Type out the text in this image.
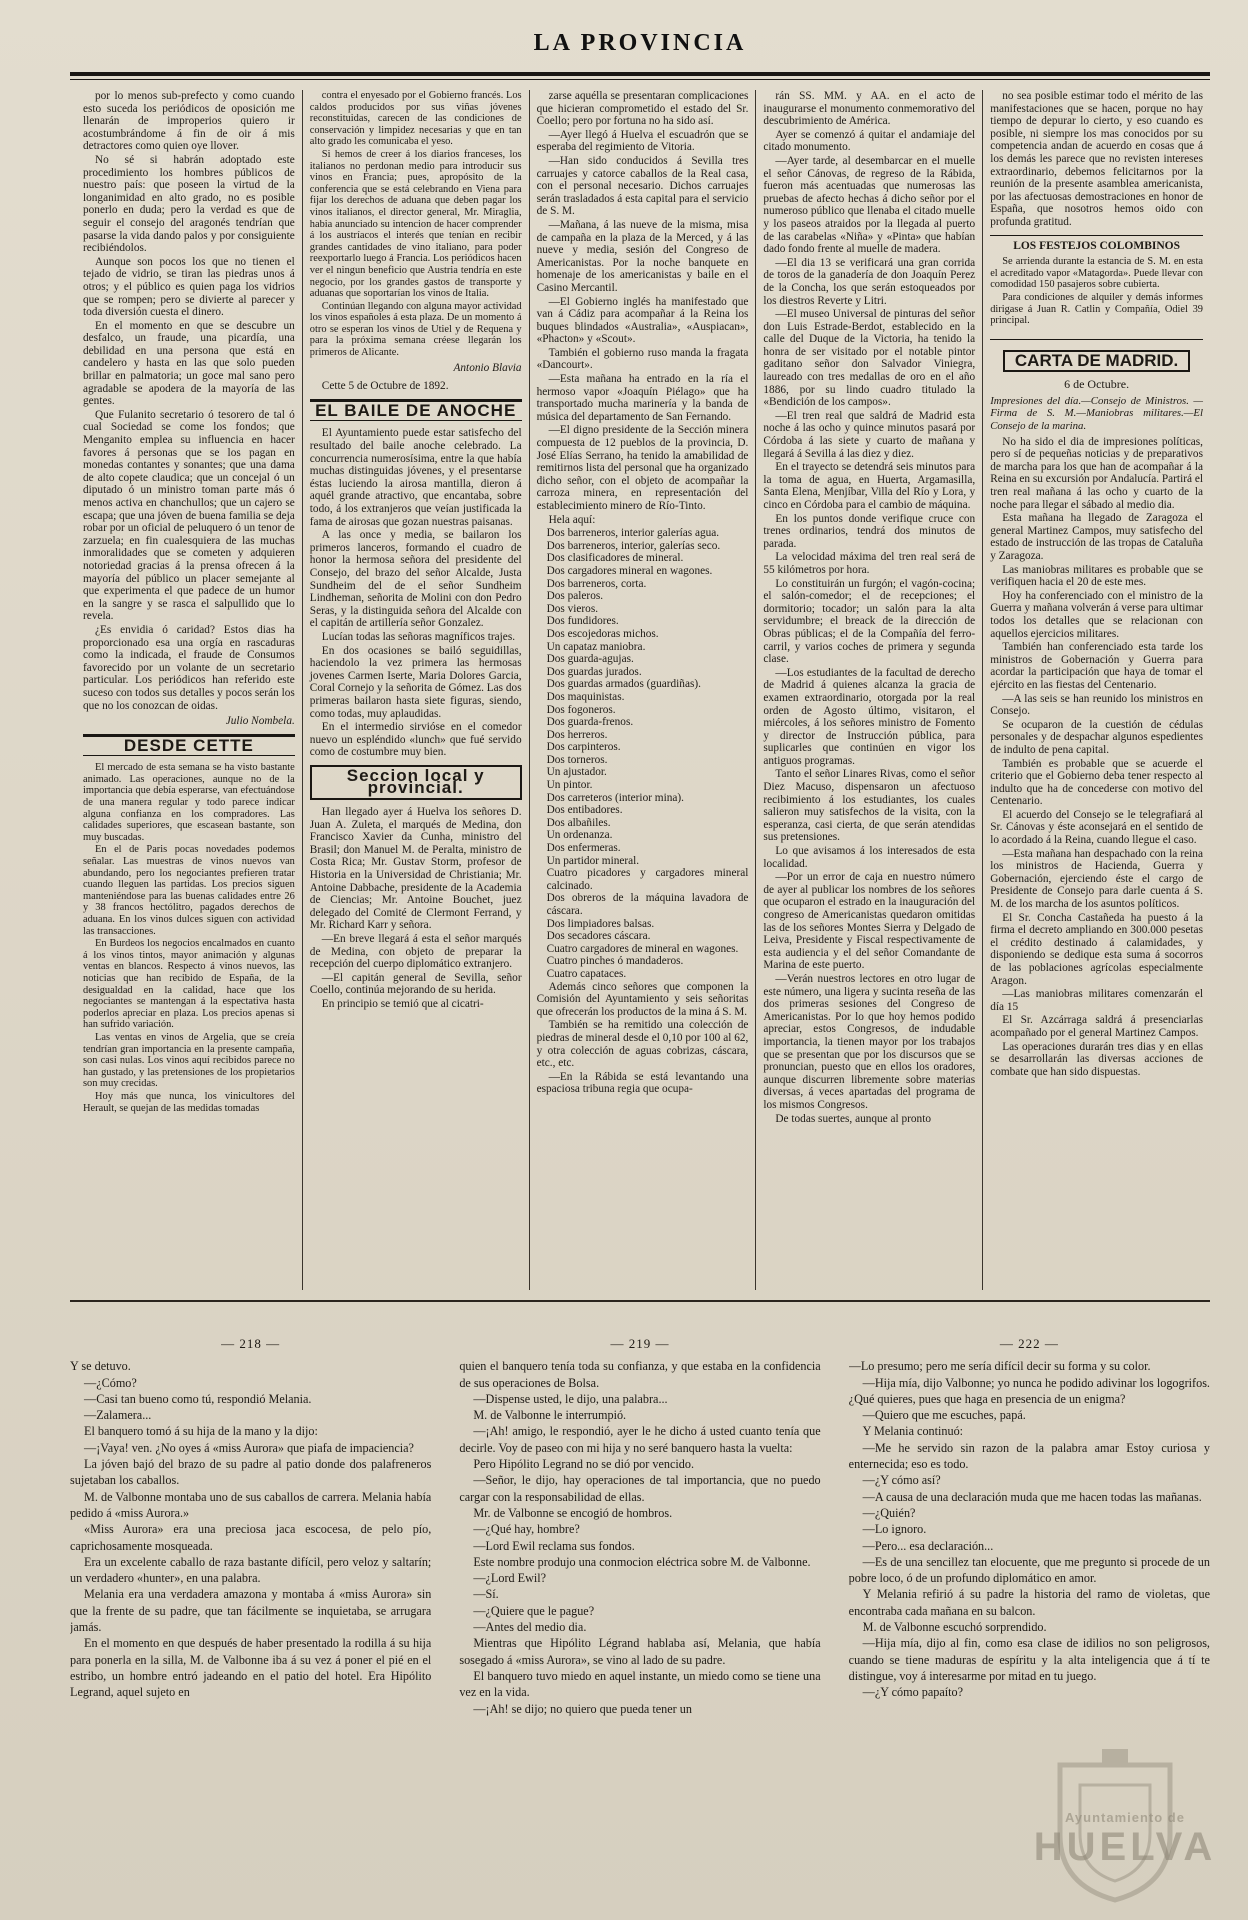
LA PROVINCIA

por lo menos sub-prefecto y como cuando esto suceda los periódicos de oposición me llenarán de improperios quiero ir acostumbrándome á fin de oir á mis detractores como quien oye llover.

No sé si habrán adoptado este procedimiento los hombres públicos de nuestro país: que poseen la virtud de la longanimidad en alto grado, no es posible ponerlo en duda; pero la verdad es que de seguir el consejo del aragonés tendrían que pasarse la vida dando palos y por consiguiente recibiéndolos.

Aunque son pocos los que no tienen el tejado de vidrio, se tiran las piedras unos á otros; y el público es quien paga los vidrios que se rompen; pero se divierte al parecer y toda diversión cuesta el dinero.

En el momento en que se descubre un desfalco, un fraude, una picardía, una debilidad en una persona que está en candelero y hasta en las que solo pueden brillar en palmatoria; un goce mal sano pero agradable se apodera de la mayoría de las gentes.

Que Fulanito secretario ó tesorero de tal ó cual Sociedad se come los fondos; que Menganito emplea su influencia en hacer favores á personas que se los pagan en monedas contantes y sonantes; que una dama de alto copete claudica; que un concejal ó un diputado ó un ministro toman parte más ó menos activa en chanchullos; que un cajero se escapa; que una jóven de buena familia se deja robar por un oficial de peluquero ó un tenor de zarzuela; en fin cualesquiera de las muchas inmoralidades que se cometen y adquieren notoriedad gracias á la prensa ofrecen á la mayoría del público un placer semejante al que experimenta el que padece de un humor en la sangre y se rasca el salpullido que lo revela.

¿Es envidia ó caridad? Estos dias ha proporcionado esa una orgía en rascaduras como la indicada, el fraude de Consumos favorecido por un volante de un secretario particular. Los periódicos han referido este suceso con todos sus detalles y pocos serán los que no los conozcan de oidas.

Julio Nombela.
DESDE CETTE

El mercado de esta semana se ha visto bastante animado. Las operaciones, aunque no de la importancia que debía esperarse, van efectuándose de una manera regular y todo parece indicar alguna confianza en los compradores. Las calidades superiores, que escasean bastante, son muy buscadas.

En el de Paris pocas novedades podemos señalar. Las muestras de vinos nuevos van abundando, pero los negociantes prefieren tratar cuando lleguen las partidas. Los precios siguen manteniéndose para las buenas calidades entre 26 y 38 francos hectólitro, pagados derechos de aduana. En los vinos dulces siguen con actividad las transacciones.

En Burdeos los negocios encalmados en cuanto á los vinos tintos, mayor animación y algunas ventas en blancos. Respecto á vinos nuevos, las noticias que han recibido de España, de la desigualdad en la calidad, hace que los negociantes se mantengan á la espectativa hasta poderlos apreciar en plaza. Los precios apenas si han sufrido variación.

Las ventas en vinos de Argelia, que se creía tendrían gran importancia en la presente campaña, son casi nulas. Los vinos aquí recibidos parece no han gustado, y las pretensiones de los propietarios son muy crecidas.

Hoy más que nunca, los vinicultores del Herault, se quejan de las medidas tomadas

contra el enyesado por el Gobierno francés. Los caldos producidos por sus viñas jóvenes reconstituidas, carecen de las condiciones de conservación y limpidez necesarias y que en tan alto grado les comunicaba el yeso.

Si hemos de creer á los diarios franceses, los italianos no perdonan medio para introducir sus vinos en Francia; pues, apropósito de la conferencia que se está celebrando en Viena para fijar los derechos de aduana que deben pagar los vinos italianos, el director general, Mr. Miraglia, habia anunciado su intencion de hacer comprender á los austríacos el interés que tenían en recibir grandes cantidades de vino italiano, para poder reexportarlo luego á Francia. Los periódicos hacen ver el ningun beneficio que Austria tendría en este negocio, por los grandes gastos de transporte y aduanas que soportarían los vinos de Italia.

Continúan llegando con alguna mayor actividad los vinos españoles á esta plaza. De un momento á otro se esperan los vinos de Utiel y de Requena y para la próxima semana créese llegarán los primeros de Alicante.

Antonio Blavia

Cette 5 de Octubre de 1892.

EL BAILE DE ANOCHE

El Ayuntamiento puede estar satisfecho del resultado del baile anoche celebrado. La concurrencia numerosísima, entre la que había muchas distinguidas jóvenes, y el presentarse éstas luciendo la airosa mantilla, dieron á aquél grande atractivo, que encantaba, sobre todo, á los extranjeros que veían justificada la fama de airosas que gozan nuestras paisanas.

A las once y media, se bailaron los primeros lanceros, formando el cuadro de honor la hermosa señora del presidente del Consejo, del brazo del señor Alcalde, Justa Sundheim del de el señor Sundheim Lindheman, señorita de Molini con don Pedro Seras, y la distinguida señora del Alcalde con el capitán de artillería señor Gonzalez.

Lucían todas las señoras magníficos trajes.

En dos ocasiones se bailó seguidillas, haciendolo la vez primera las hermosas jovenes Carmen Iserte, Maria Dolores Garcia, Coral Cornejo y la señorita de Gómez. Las dos primeras bailaron hasta siete figuras, siendo, como todas, muy aplaudidas.

En el intermedio sirvióse en el comedor nuevo un espléndido «lunch» que fué servido como de costumbre muy bien.

Seccion local y provincial.

Han llegado ayer á Huelva los señores D. Juan A. Zuleta, el marqués de Medina, don Francisco Xavier da Cunha, ministro del Brasil; don Manuel M. de Peralta, ministro de Costa Rica; Mr. Gustav Storm, profesor de Historia en la Universidad de Christiania; Mr. Antoine Dabbache, presidente de la Academia de Ciencias; Mr. Antoine Bouchet, juez delegado del Comité de Clermont Ferrand, y Mr. Richard Karr y señora.

—En breve llegará á esta el señor marqués de Medina, con objeto de preparar la recepción del cuerpo diplomático extranjero.

—El capitán general de Sevilla, señor Coello, continúa mejorando de su herida.

En principio se temió que al cicatri-

zarse aquélla se presentaran complicaciones que hicieran comprometido el estado del Sr. Coello; pero por fortuna no ha sido así.

—Ayer llegó á Huelva el escuadrón que se esperaba del regimiento de Vitoria.

—Han sido conducidos á Sevilla tres carruajes y catorce caballos de la Real casa, con el personal necesario. Dichos carruajes serán trasladados á esta capital para el servicio de S. M.

—Mañana, á las nueve de la misma, misa de campaña en la plaza de la Merced, y á las nueve y media, sesión del Congreso de Americanistas. Por la noche banquete en homenaje de los americanistas y baile en el Casino Mercantil.

—El Gobierno inglés ha manifestado que van á Cádiz para acompañar á la Reina los buques blindados «Australia», «Auspiacan», «Phacton» y «Scout».

También el gobierno ruso manda la fragata «Dancourt».

—Esta mañana ha entrado en la ría el hermoso vapor «Joaquín Piélago» que ha transportado mucha marinería y la banda de música del departamento de San Fernando.

—El digno presidente de la Sección minera compuesta de 12 pueblos de la provincia, D. José Elías Serrano, ha tenido la amabilidad de remitirnos lista del personal que ha organizado dicho señor, con el objeto de acompañar la carroza minera, en representación del establecimiento minero de Río-Tinto.

Hela aquí:

Dos barreneros, interior galerías agua.

Dos barreneros, interior, galerías seco.

Dos clasificadores de mineral.

Dos cargadores mineral en wagones.

Dos barreneros, corta.

Dos paleros.

Dos vieros.

Dos fundidores.

Dos escojedoras michos.

Un capataz maniobra.

Dos guarda-agujas.

Dos guardas jurados.

Dos guardas armados (guardiñas).

Dos maquinistas.

Dos fogoneros.

Dos guarda-frenos.

Dos herreros.

Dos carpinteros.

Dos torneros.

Un ajustador.

Un pintor.

Dos carreteros (interior mina).

Dos entibadores.

Dos albañiles.

Un ordenanza.

Dos enfermeras.

Un partidor mineral.

Cuatro picadores y cargadores mineral calcinado.

Dos obreros de la máquina lavadora de cáscara.

Dos limpiadores balsas.

Dos secadores cáscara.

Cuatro cargadores de mineral en wagones.

Cuatro pinches ó mandaderos.

Cuatro capataces.

Además cinco señores que componen la Comisión del Ayuntamiento y seis señoritas que ofrecerán los productos de la mina á S. M.

También se ha remitido una colección de piedras de mineral desde el 0,10 por 100 al 62, y otra colección de aguas cobrizas, cáscara, etc., etc.

—En la Rábida se está levantando una espaciosa tribuna regia que ocupa-

rán SS. MM. y AA. en el acto de inaugurarse el monumento conmemorativo del descubrimiento de América.

Ayer se comenzó á quitar el andamiaje del citado monumento.

—Ayer tarde, al desembarcar en el muelle el señor Cánovas, de regreso de la Rábida, fueron más acentuadas que numerosas las pruebas de afecto hechas á dicho señor por el numeroso público que llenaba el citado muelle y los paseos atraidos por la llegada al puerto de las carabelas «Niña» y «Pinta» que habían dado fondo frente al muelle de madera.

—El dia 13 se verificará una gran corrida de toros de la ganadería de don Joaquín Perez de la Concha, los que serán estoqueados por los diestros Reverte y Litri.

—El museo Universal de pinturas del señor don Luis Estrade-Berdot, establecido en la calle del Duque de la Victoria, ha tenido la honra de ser visitado por el notable pintor gaditano señor don Salvador Viniegra, laureado con tres medallas de oro en el año 1886, por su lindo cuadro titulado la «Bendición de los campos».

—El tren real que saldrá de Madrid esta noche á las ocho y quince minutos pasará por Córdoba á las siete y cuarto de mañana y llegará á Sevilla á las diez y diez.

En el trayecto se detendrá seis minutos para la toma de agua, en Huerta, Argamasilla, Santa Elena, Menjíbar, Villa del Río y Lora, y cinco en Córdoba para el cambio de máquina.

En los puntos donde verifique cruce con trenes ordinarios, tendrá dos minutos de parada.

La velocidad máxima del tren real será de 55 kilómetros por hora.

Lo constituirán un furgón; el vagón-cocina; el salón-comedor; el de recepciones; el dormitorio; tocador; un salón para la alta servidumbre; el breack de la dirección de Obras públicas; el de la Compañía del ferro-carril, y varios coches de primera y segunda clase.

—Los estudiantes de la facultad de derecho de Madrid á quienes alcanza la gracia de examen extraordinario, otorgada por la real orden de Agosto último, visitaron, el miércoles, á los señores ministro de Fomento y director de Instrucción pública, para suplicarles que continúen en vigor los antiguos programas.

Tanto el señor Linares Rivas, como el señor Diez Macuso, dispensaron un afectuoso recibimiento á los estudiantes, los cuales salieron muy satisfechos de la visita, con la esperanza, casi cierta, de que serán atendidas sus pretensiones.

Lo que avisamos á los interesados de esta localidad.

—Por un error de caja en nuestro número de ayer al publicar los nombres de los señores que ocuparon el estrado en la inauguración del congreso de Americanistas quedaron omitidas las de los señores Montes Sierra y Delgado de Leiva, Presidente y Fiscal respectivamente de esta audiencia y el del señor Comandante de Marina de este puerto.

—Verán nuestros lectores en otro lugar de este número, una ligera y sucinta reseña de las dos primeras sesiones del Congreso de Americanistas. Por lo que hoy hemos podido apreciar, estos Congresos, de indudable importancia, la tienen mayor por los trabajos que se presentan que por los discursos que se pronuncian, puesto que en ellos los oradores, aunque discurren libremente sobre materias diversas, á veces apartadas del programa de los mismos Congresos.

De todas suertes, aunque al pronto

no sea posible estimar todo el mérito de las manifestaciones que se hacen, porque no hay tiempo de depurar lo cierto, y eso cuando es posible, ni siempre los mas conocidos por su competencia andan de acuerdo en cosas que á los demás les parece que no revisten intereses extraordinario, debemos felicitarnos por la reunión de la presente asamblea americanista, por las afectuosas demostraciones en honor de España, que nosotros hemos oido con profunda gratitud.

LOS FESTEJOS COLOMBINOS

Se arrienda durante la estancia de S. M. en esta el acreditado vapor «Matagorda». Puede llevar con comodidad 150 pasajeros sobre cubierta.

Para condiciones de alquiler y demás informes dirigase á Juan R. Catlin y Compañía, Odiel 39 principal.

CARTA DE MADRID.
6 de Octubre.
Impresiones del día.—Consejo de Ministros. —Firma de S. M.—Maniobras militares.—El Consejo de la marina.

No ha sido el dia de impresiones políticas, pero sí de pequeñas noticias y de preparativos de marcha para los que han de acompañar á la Reina en su excursión por Andalucía. Partirá el tren real mañana á las ocho y cuarto de la noche para llegar el sábado al medio dia.

Esta mañana ha llegado de Zaragoza el general Martinez Campos, muy satisfecho del estado de instrucción de las tropas de Cataluña y Zaragoza.

Las maniobras militares es probable que se verifiquen hacia el 20 de este mes.

Hoy ha conferenciado con el ministro de la Guerra y mañana volverán á verse para ultimar todos los detalles que se relacionan con aquellos ejercicios militares.

También han conferenciado esta tarde los ministros de Gobernación y Guerra para acordar la participación que haya de tomar el ejército en las fiestas del Centenario.

—A las seis se han reunido los ministros en Consejo.

Se ocuparon de la cuestión de cédulas personales y de despachar algunos espedientes de indulto de pena capital.

También es probable que se acuerde el criterio que el Gobierno deba tener respecto al indulto que ha de concederse con motivo del Centenario.

El acuerdo del Consejo se le telegrafiará al Sr. Cánovas y éste aconsejará en el sentido de lo acordado á la Reina, cuando llegue el caso.

—Esta mañana han despachado con la reina los ministros de Hacienda, Guerra y Gobernación, ejerciendo éste el cargo de Presidente de Consejo para darle cuenta á S. M. de los marcha de los asuntos políticos.

El Sr. Concha Castañeda ha puesto á la firma el decreto ampliando en 300.000 pesetas el crédito destinado á calamidades, y disponiendo se dedique esta suma á socorros de las poblaciones agrícolas especialmente Aragon.

—Las maniobras militares comenzarán el día 15

El Sr. Azcárraga saldrá á presenciarlas acompañado por el general Martinez Campos.

Las operaciones durarán tres dias y en ellas se desarrollarán las diversas acciones de combate que han sido dispuestas.

— 218 —

Y se detuvo.

—¿Cómo?

—Casi tan bueno como tú, respondió Melania.

—Zalamera...

El banquero tomó á su hija de la mano y la dijo:

—¡Vaya! ven. ¿No oyes á «miss Aurora» que piafa de impaciencia?

La jóven bajó del brazo de su padre al patio donde dos palafreneros sujetaban los caballos.

M. de Valbonne montaba uno de sus caballos de carrera. Melania había pedido á «miss Aurora.»

«Miss Aurora» era una preciosa jaca escocesa, de pelo pío, caprichosamente mosqueada.

Era un excelente caballo de raza bastante difícil, pero veloz y saltarín; un verdadero «hunter», en una palabra.

Melania era una verdadera amazona y montaba á «miss Aurora» sin que la frente de su padre, que tan fácilmente se inquietaba, se arrugara jamás.

En el momento en que después de haber presentado la rodilla á su hija para ponerla en la silla, M. de Valbonne iba á su vez á poner el pié en el estribo, un hombre entró jadeando en el patio del hotel. Era Hipólito Legrand, aquel sujeto en

— 219 —

quien el banquero tenía toda su confianza, y que estaba en la confidencia de sus operaciones de Bolsa.

—Dispense usted, le dijo, una palabra...

M. de Valbonne le interrumpió.

—¡Ah! amigo, le respondió, ayer le he dicho á usted cuanto tenía que decirle. Voy de paseo con mi hija y no seré banquero hasta la vuelta:

Pero Hipólito Legrand no se dió por vencido.

—Señor, le dijo, hay operaciones de tal importancia, que no puedo cargar con la responsabilidad de ellas.

Mr. de Valbonne se encogió de hombros.

—¿Qué hay, hombre?

—Lord Ewil reclama sus fondos.

Este nombre produjo una conmocion eléctrica sobre M. de Valbonne.

—¿Lord Ewil?

—Sí.

—¿Quiere que le pague?

—Antes del medio dia.

Mientras que Hipólito Légrand hablaba así, Melania, que había sosegado á «miss Aurora», se vino al lado de su padre.

El banquero tuvo miedo en aquel instante, un miedo como se tiene una vez en la vida.

—¡Ah! se dijo; no quiero que pueda tener un

— 222 —

—Lo presumo; pero me sería difícil decir su forma y su color.

—Hija mía, dijo Valbonne; yo nunca he podido adivinar los logogrifos. ¿Qué quieres, pues que haga en presencia de un enigma?

—Quiero que me escuches, papá.

Y Melania continuó:

—Me he servido sin razon de la palabra amar Estoy curiosa y enternecida; eso es todo.

—¿Y cómo así?

—A causa de una declaración muda que me hacen todas las mañanas.

—¿Quién?

—Lo ignoro.

—Pero... esa declaración...

—Es de una sencillez tan elocuente, que me pregunto si procede de un pobre loco, ó de un profundo diplomático en amor.

Y Melania refirió á su padre la historia del ramo de violetas, que encontraba cada mañana en su balcon.

M. de Valbonne escuchó sorprendido.

—Hija mía, dijo al fin, como esa clase de idilios no son peligrosos, cuando se tiene maduras de espíritu y la alta inteligencia que á tí te distingue, voy á interesarme por mitad en tu juego.

—¿Y cómo papaíto?

Ayuntamiento de
HUELVA
